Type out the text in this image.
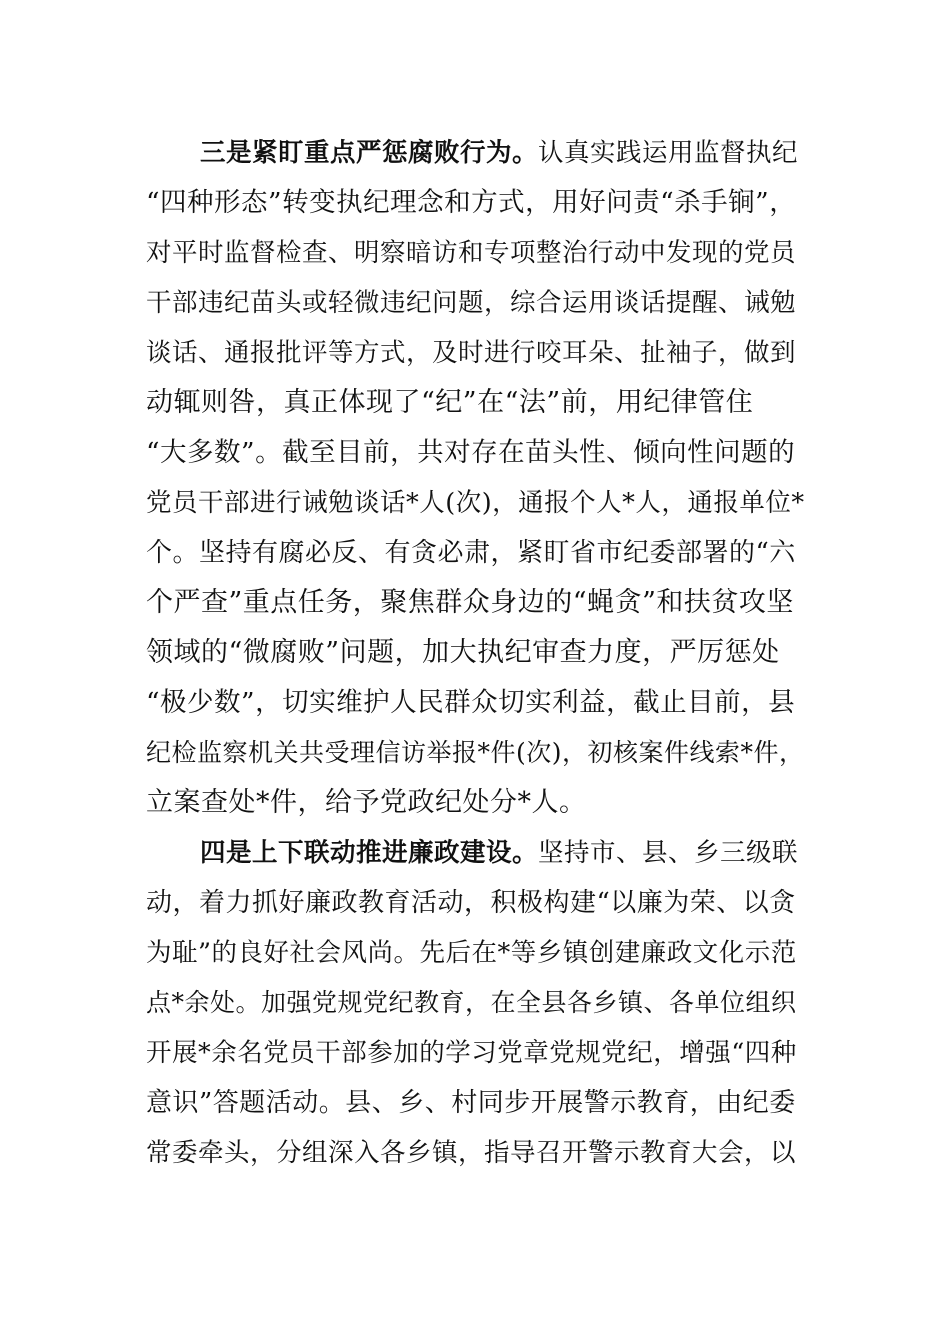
三是紧盯重点严惩腐败行为。认真实践运用监督执纪
“四种形态”转变执纪理念和方式，用好问责“杀手锏”，
对平时监督检查、明察暗访和专项整治行动中发现的党员
干部违纪苗头或轻微违纪问题，综合运用谈话提醒、诫勉
谈话、通报批评等方式，及时进行咬耳朵、扯袖子，做到
动辄则咎，真正体现了“纪”在“法”前，用纪律管住
“大多数”。截至目前，共对存在苗头性、倾向性问题的
党员干部进行诫勉谈话*人(次)，通报个人*人，通报单位*
个。坚持有腐必反、有贪必肃，紧盯省市纪委部署的“六
个严查”重点任务，聚焦群众身边的“蝇贪”和扶贫攻坚
领域的“微腐败”问题，加大执纪审查力度，严厉惩处
“极少数”，切实维护人民群众切实利益，截止目前，县
纪检监察机关共受理信访举报*件(次)，初核案件线索*件，
立案查处*件，给予党政纪处分*人。
四是上下联动推进廉政建设。坚持市、县、乡三级联
动，着力抓好廉政教育活动，积极构建“以廉为荣、以贪
为耻”的良好社会风尚。先后在*等乡镇创建廉政文化示范
点*余处。加强党规党纪教育，在全县各乡镇、各单位组织
开展*余名党员干部参加的学习党章党规党纪，增强“四种
意识”答题活动。县、乡、村同步开展警示教育，由纪委
常委牵头，分组深入各乡镇，指导召开警示教育大会，以
